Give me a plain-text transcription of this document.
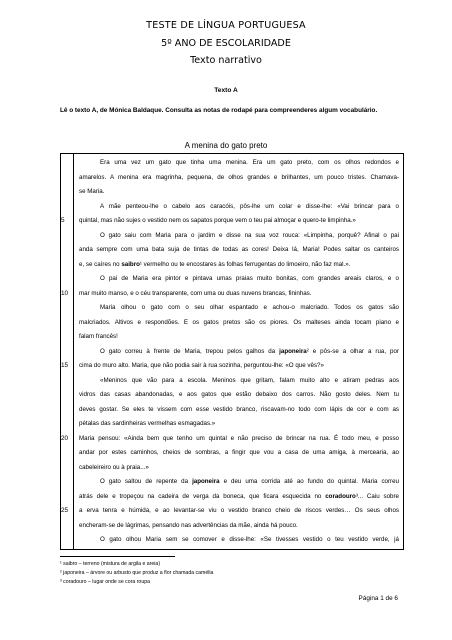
TESTE DE LÍNGUA PORTUGUESA
5º ANO DE ESCOLARIDADE
Texto narrativo
Texto A
Lê o texto A, de Mónica Baldaque. Consulta as notas de rodapé para compreenderes algum vocabulário.
A menina do gato preto
Era uma vez um gato que tinha uma menina. Era um gato preto, com os olhos redondos e
amarelos. A menina era magrinha, pequena, de olhos grandes e brilhantes, um pouco tristes. Chamava-
se Maria.
A mãe penteou-lhe o cabelo aos caracóis, pôs-lhe um colar e disse-lhe: «Vai brincar para o
5	quintal, mas não sujes o vestido nem os sapatos porque vem o teu pai almoçar e quero-te limpinha.»
O gato saiu com Maria para o jardim e disse na sua voz rouca: «Limpinha, porquê? Afinal o pai
anda sempre com uma bata suja de tintas de todas as cores! Deixa lá, Maria! Podes saltar os canteiros
e, se caíres no saibro¹ vermelho ou te encostares às folhas ferrugentas do limoeiro, não faz mal.».
O pai de Maria era pintor e pintava umas praias muito bonitas, com grandes areais claros, e o
10	mar muito manso, e o céu transparente, com uma ou duas nuvens brancas, fininhas.
Maria olhou o gato com o seu olhar espantado e achou-o malcriado. Todos os gatos são
malcriados. Altivos e respondões. E os gatos pretos são os piores. Os malteses ainda tocam piano e
falam francês!
O gato correu à frente de Maria, trepou pelos galhos da japoneira² e pôs-se a olhar a rua, por
15	cima do muro alto. Maria, que não podia sair à rua sozinha, perguntou-lhe: «O que vês?»
«Meninos que vão para a escola. Meninos que gritam, falam muito alto e atiram pedras aos
vidros das casas abandonadas, e aos gatos que estão debaixo dos carros. Não gosto deles. Nem tu
deves gostar. Se eles te vissem com esse vestido branco, riscavam-no todo com lápis de cor e com as
pétalas das sardinheiras vermelhas esmagadas.»
20	Maria pensou: «Ainda bem que tenho um quintal e não preciso de brincar na rua. É todo meu, e posso
andar por estes caminhos, cheios de sombras, a fingir que vou a casa de uma amiga, à mercearia, ao
cabeleireiro ou à praia...»
O gato saltou de repente da japoneira e deu uma corrida até ao fundo do quintal. Maria correu
atrás dele e tropeçou na cadeira de verga da boneca, que ficara esquecida no coradouro³... Caiu sobre
25	a erva tenra e húmida, e ao levantar-se viu o vestido branco cheio de riscos verdes… Os seus olhos
encheram-se de lágrimas, pensando nas advertências da mãe, ainda há pouco.
O gato olhou Maria sem se comover e disse-lhe: «Se tivesses vestido o teu vestido verde, já
¹ saibro – terreno (mistura de argila e areia)
² japoneira – árvore ou arbusto que produz a flor chamada camélia
³ coradouro – lugar onde se cora roupa
Página 1 de 6
